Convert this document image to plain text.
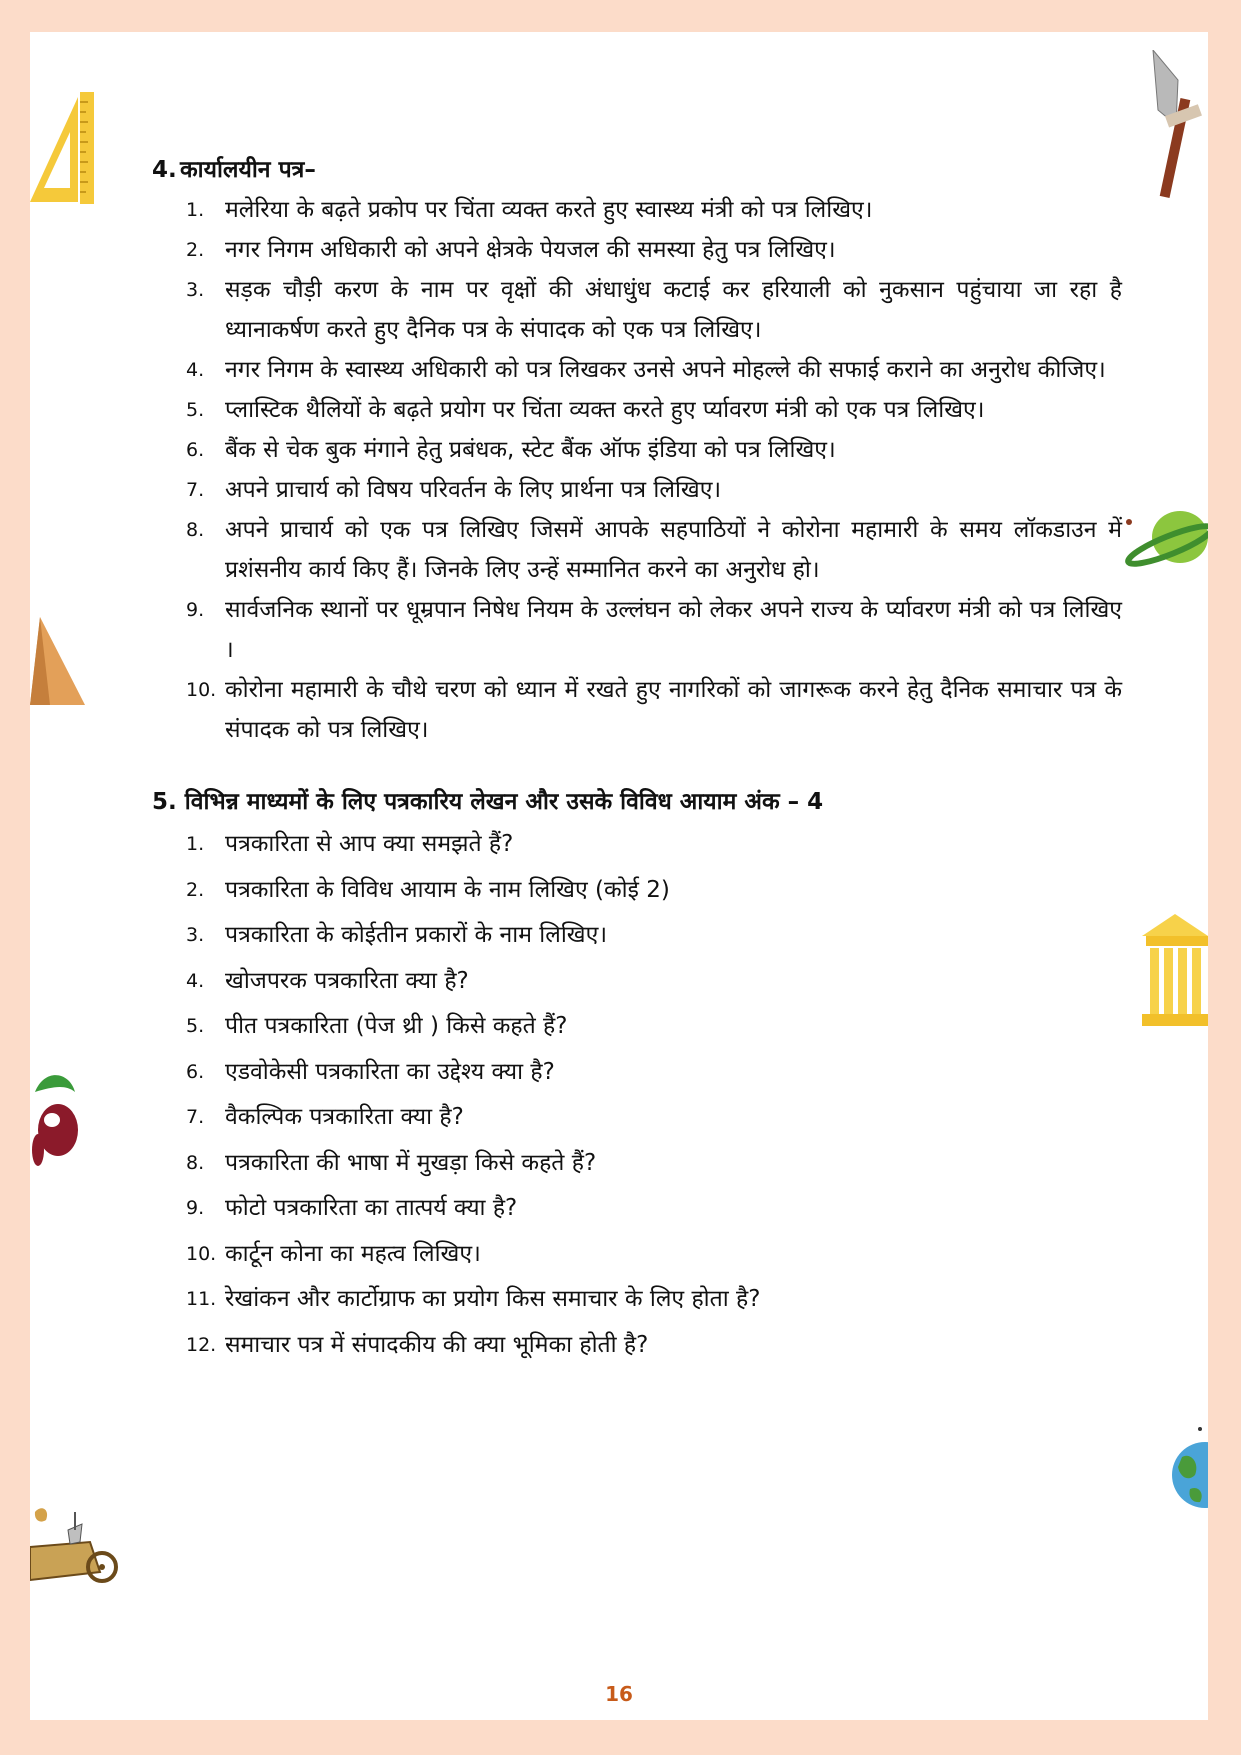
4. कार्यालयीन पत्र–
1. मलेरिया के बढ़ते प्रकोप पर चिंता व्यक्त करते हुए स्वास्थ्य मंत्री को पत्र लिखिए।
2. नगर निगम अधिकारी को अपने क्षेत्रके पेयजल की समस्या हेतु पत्र लिखिए।
3. सड़क चौड़ी करण के नाम पर वृक्षों की अंधाधुंध कटाई कर हरियाली को नुकसान पहुंचाया जा रहा है ध्यानाकर्षण करते हुए दैनिक पत्र के संपादक को एक पत्र लिखिए।
4. नगर निगम के स्वास्थ्य अधिकारी को पत्र लिखकर उनसे अपने मोहल्ले की सफाई कराने का अनुरोध कीजिए।
5. प्लास्टिक थैलियों के बढ़ते प्रयोग पर चिंता व्यक्त करते हुए र्प्यावरण मंत्री को एक पत्र लिखिए।
6. बैंक से चेक बुक मंगाने हेतु प्रबंधक, स्टेट बैंक ऑफ इंडिया को पत्र लिखिए।
7. अपने प्राचार्य को विषय परिवर्तन के लिए प्रार्थना पत्र लिखिए।
8. अपने प्राचार्य को एक पत्र लिखिए जिसमें आपके सहपाठियों ने कोरोना महामारी के समय लॉकडाउन में प्रशंसनीय कार्य किए हैं। जिनके लिए उन्हें सम्मानित करने का अनुरोध हो।
9. सार्वजनिक स्थानों पर धूम्रपान निषेध नियम के उल्लंघन को लेकर अपने राज्य के र्प्यावरण मंत्री को पत्र लिखिए ।
10. कोरोना महामारी के चौथे चरण को ध्यान में रखते हुए नागरिकों को जागरूक करने हेतु दैनिक समाचार पत्र के संपादक को पत्र लिखिए।
5. विभिन्न माध्यमों के लिए पत्रकारिय लेखन और उसके विविध आयाम अंक – 4
1. पत्रकारिता से आप क्या समझते हैं?
2. पत्रकारिता के विविध आयाम के नाम लिखिए (कोई 2)
3. पत्रकारिता के कोईतीन प्रकारों के नाम लिखिए।
4. खोजपरक पत्रकारिता क्या है?
5. पीत पत्रकारिता (पेज थ्री ) किसे कहते हैं?
6. एडवोकेसी पत्रकारिता का उद्देश्य क्या है?
7. वैकल्पिक पत्रकारिता क्या है?
8. पत्रकारिता की भाषा में मुखड़ा किसे कहते हैं?
9. फोटो पत्रकारिता का तात्पर्य क्या है?
10. कार्टून कोना का महत्व लिखिए।
11. रेखांकन और कार्टोग्राफ का प्रयोग किस समाचार के लिए होता है?
12. समाचार पत्र में संपादकीय की क्या भूमिका होती है?
16
